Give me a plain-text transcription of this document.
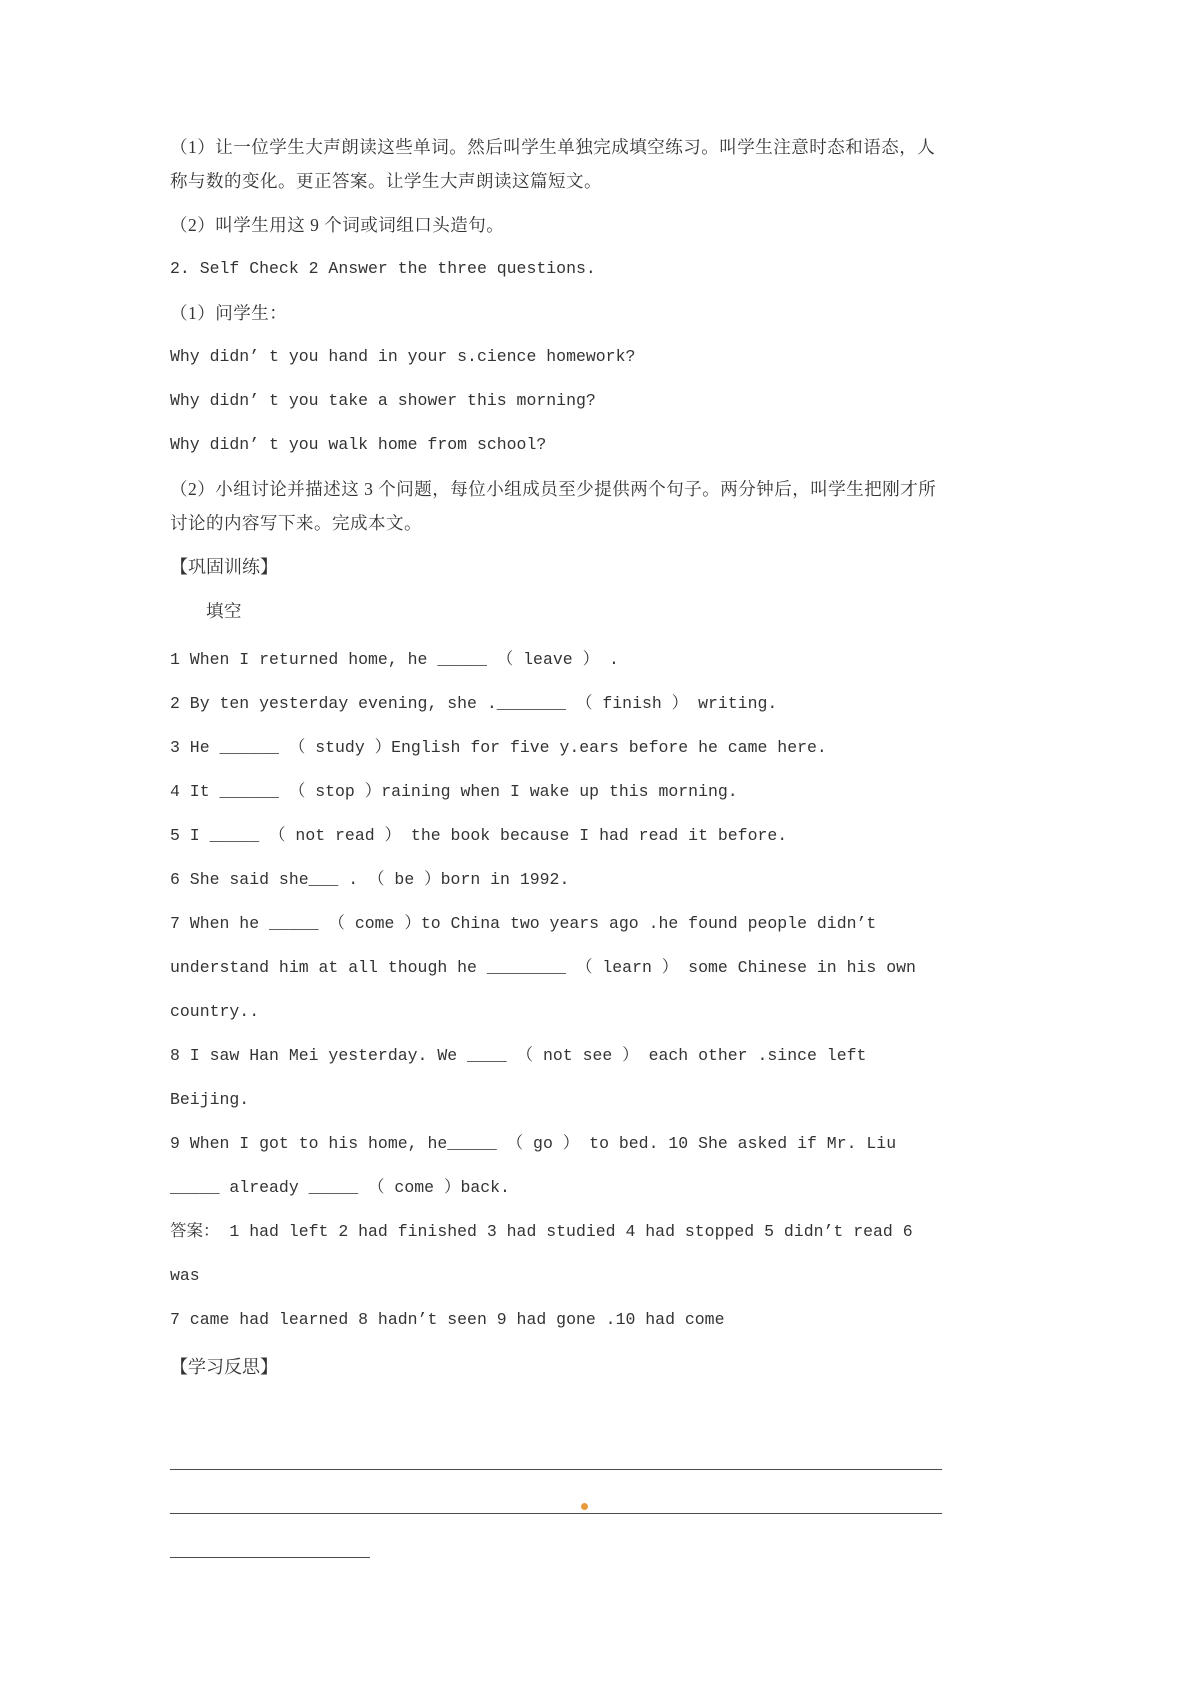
（1）让一位学生大声朗读这些单词。然后叫学生单独完成填空练习。叫学生注意时态和语态，人称与数的变化。更正答案。让学生大声朗读这篇短文。

（2）叫学生用这 9 个词或词组口头造句。

2. Self Check 2 Answer the three questions.

（1）问学生：

Why didn’ t you hand in your s.cience homework?

Why didn’ t you take a shower this morning?

Why didn’ t you walk home from school?

（2）小组讨论并描述这 3 个问题，每位小组成员至少提供两个句子。两分钟后，叫学生把刚才所讨论的内容写下来。完成本文。

【巩固训练】

填空

1 When I returned home, he _____ （ leave ） .

2 By ten yesterday evening, she ._______ （ finish ） writing.

3 He ______ （ study ）English for five y.ears before he came here.

4 It ______ （ stop ）raining when I wake up this morning.

5 I _____ （ not read ） the book because I had read it before.

6 She said she___ . （ be ）born in 1992.

7 When he _____ （ come ）to China two years ago .he found people didn’t understand him at all though he ________ （ learn ） some Chinese in his own country..

8 I saw Han Mei yesterday. We ____ （ not see ） each other .since left Beijing.

9 When I got to his home, he_____ （ go ） to bed. 10 She asked if Mr. Liu _____ already _____ （ come ）back.

答案： 1 had left 2 had finished 3 had studied 4 had stopped 5 didn’t read 6 was

7 came had learned 8 hadn’t seen 9 had gone .10 had come

【学习反思】
